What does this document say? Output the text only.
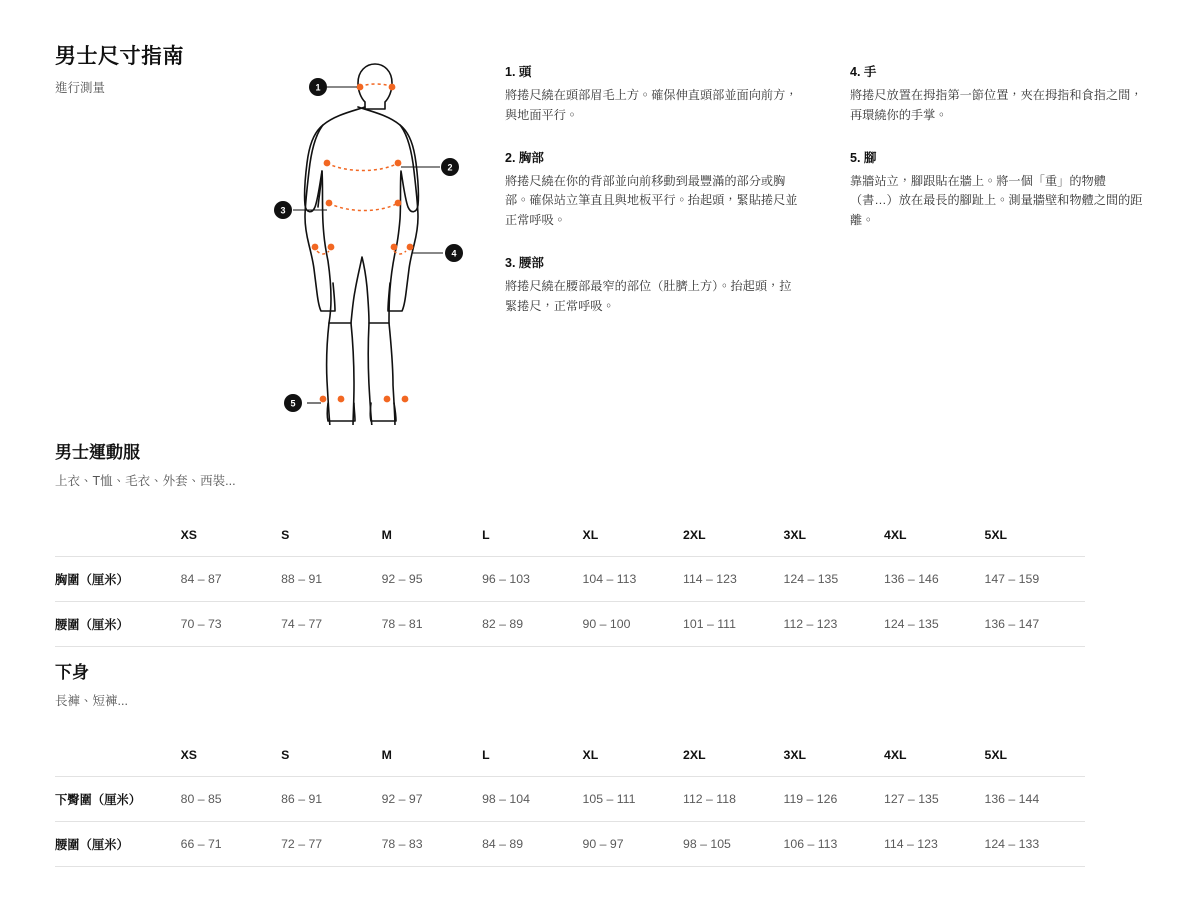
男士尺寸指南
進行測量	1
2
3
4
5
1. 頭
將捲尺繞在頭部眉毛上方。確保伸直頭部並面向前方，與地面平行。
2. 胸部
將捲尺繞在你的背部並向前移動到最豐滿的部分或胸部。確保站立筆直且與地板平行。抬起頭，緊貼捲尺並正常呼吸。
3. 腰部
將捲尺繞在腰部最窄的部位（肚臍上方）。抬起頭，拉緊捲尺，正常呼吸。
4. 手
將捲尺放置在拇指第一節位置，夾在拇指和食指之間，再環繞你的手掌。
5. 腳
靠牆站立，腳跟貼在牆上。將一個「重」的物體（書…）放在最長的腳趾上。測量牆壁和物體之間的距離。
男士運動服
上衣、T恤、毛衣、外套、西裝...
	XS	S	M	L	XL	2XL	3XL	4XL	5XL
胸圍（厘米）	84 – 87	88 – 91	92 – 95	96 – 103	104 – 113	114 – 123	124 – 135	136 – 146	147 – 159
腰圍（厘米）	70 – 73	74 – 77	78 – 81	82 – 89	90 – 100	101 – 111	112 – 123	124 – 135	136 – 147
下身
長褲、短褲...
	XS	S	M	L	XL	2XL	3XL	4XL	5XL
下臀圍（厘米）	80 – 85	86 – 91	92 – 97	98 – 104	105 – 111	112 – 118	119 – 126	127 – 135	136 – 144
腰圍（厘米）	66 – 71	72 – 77	78 – 83	84 – 89	90 – 97	98 – 105	106 – 113	114 – 123	124 – 133
